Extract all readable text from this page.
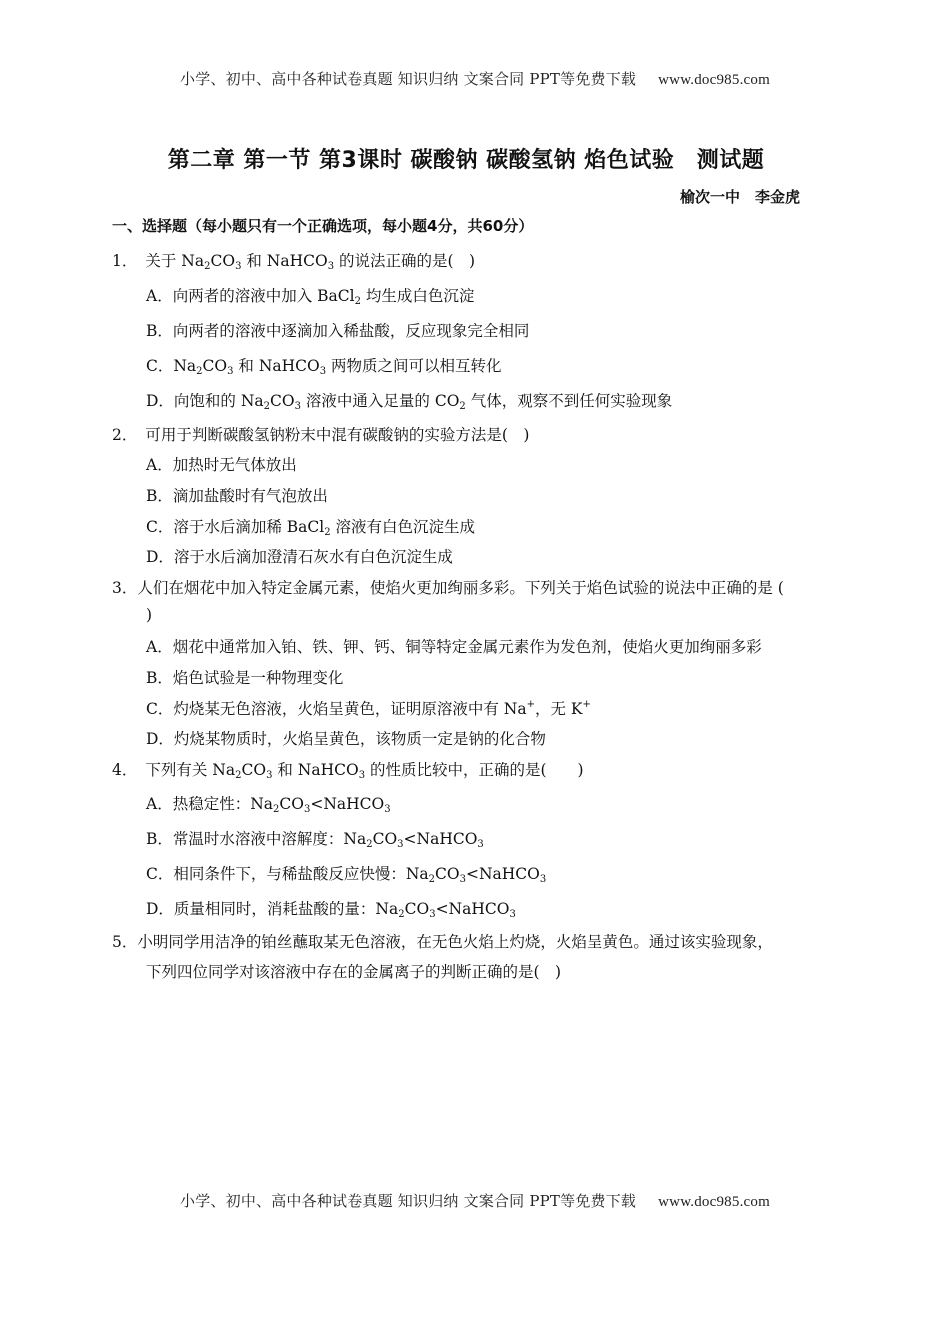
小学、初中、高中各种试卷真题 知识归纳 文案合同 PPT等免费下载 www.doc985.com
第二章 第一节 第3课时 碳酸钠 碳酸氢钠 焰色试验　测试题
榆次一中　李金虎
一、选择题（每小题只有一个正确选项，每小题4分，共60分）
1． 关于 $Na_2CO_3$ 和 NaHCO$_3$ 的说法正确的是(　)
A．向两者的溶液中加入 BaCl$_2$ 均生成白色沉淀
B．向两者的溶液中逐滴加入稀盐酸，反应现象完全相同
C．$Na_2CO_3$ 和 NaHCO$_3$ 两物质之间可以相互转化
D．向饱和的 $Na_2CO_3$ 溶液中通入足量的 $CO_2$ 气体，观察不到任何实验现象
2． 可用于判断碳酸氢钠粉末中混有碳酸钠的实验方法是(　)
A．加热时无气体放出
B．滴加盐酸时有气泡放出
C．溶于水后滴加稀 BaCl$_2$ 溶液有白色沉淀生成
D．溶于水后滴加澄清石灰水有白色沉淀生成
3．人们在烟花中加入特定金属元素，使焰火更加绚丽多彩。下列关于焰色试验的说法中正确的是 (
)
A．烟花中通常加入铂、铁、钾、钙、铜等特定金属元素作为发色剂，使焰火更加绚丽多彩
B．焰色试验是一种物理变化
C．灼烧某无色溶液，火焰呈黄色，证明原溶液中有 Na+，无 K+
D．灼烧某物质时，火焰呈黄色，该物质一定是钠的化合物
4． 下列有关 $Na_2CO_3$ 和 NaHCO$_3$ 的性质比较中，正确的是(　　)
A．热稳定性：$Na_2CO_3<NaHCO_3$
B．常温时水溶液中溶解度：$Na_2CO_3<NaHCO_3$
C．相同条件下，与稀盐酸反应快慢：$Na_2CO_3<NaHCO_3$
D．质量相同时，消耗盐酸的量：$Na_2CO_3<NaHCO_3$
5．小明同学用洁净的铂丝蘸取某无色溶液，在无色火焰上灼烧，火焰呈黄色。通过该实验现象，
下列四位同学对该溶液中存在的金属离子的判断正确的是(　)
小学、初中、高中各种试卷真题 知识归纳 文案合同 PPT等免费下载 www.doc985.com
